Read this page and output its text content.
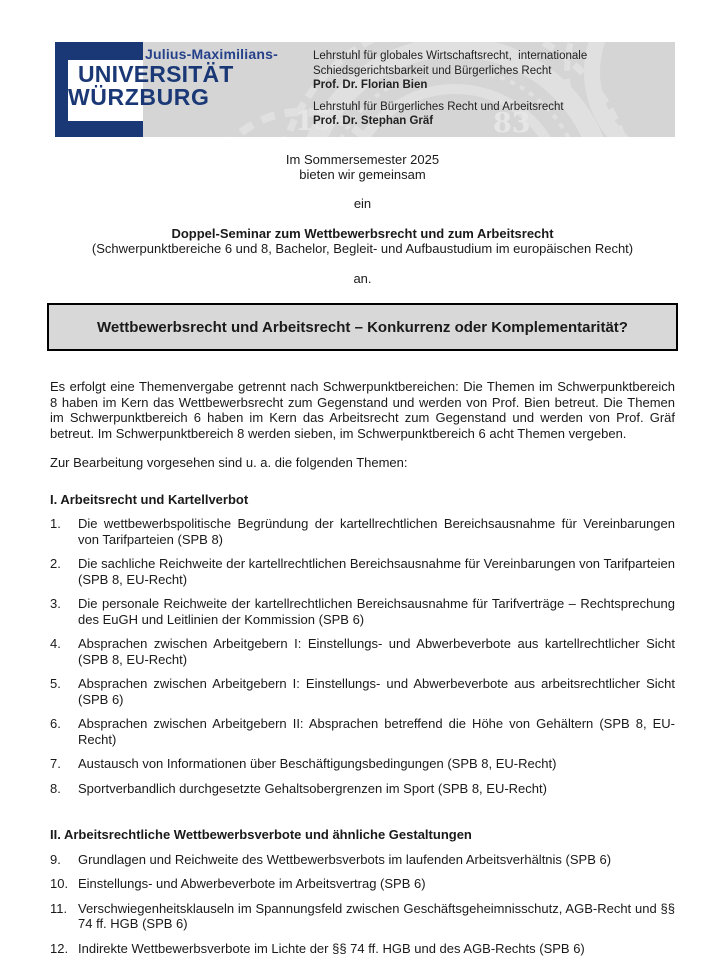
15	83
Julius-Maximilians-
UNIVERSITÄT
WÜRZBURG
Lehrstuhl für globales Wirtschaftsrecht,  internationale
Schiedsgerichtsbarkeit und Bürgerliches Recht
Prof. Dr. Florian Bien
Lehrstuhl für Bürgerliches Recht und Arbeitsrecht
Prof. Dr. Stephan Gräf
Im Sommersemester 2025
bieten wir gemeinsam
ein
Doppel-Seminar zum Wettbewerbsrecht und zum Arbeitsrecht
(Schwerpunktbereiche 6 und 8, Bachelor, Begleit- und Aufbaustudium im europäischen Recht)
an.
Wettbewerbsrecht und Arbeitsrecht – Konkurrenz oder Komplementarität?

Es erfolgt eine Themenvergabe getrennt nach Schwerpunktbereichen: Die Themen im Schwerpunktbereich 8 haben im Kern das Wettbewerbsrecht zum Gegenstand und werden von Prof. Bien betreut. Die Themen im Schwerpunktbereich 6 haben im Kern das Arbeitsrecht zum Gegenstand und werden von Prof. Gräf betreut. Im Schwerpunktbereich 8 werden sieben, im Schwerpunktbereich 6 acht Themen vergeben.

Zur Bearbeitung vorgesehen sind u. a. die folgenden Themen:
I. Arbeitsrecht und Kartellverbot
1.	Die wettbewerbspolitische Begründung der kartellrechtlichen Bereichsausnahme für Vereinbarungen von Tarifparteien (SPB 8)
2.	Die sachliche Reichweite der kartellrechtlichen Bereichsausnahme für Vereinbarungen von Tarifparteien (SPB 8, EU-Recht)
3.	Die personale Reichweite der kartellrechtlichen Bereichsausnahme für Tarifverträge – Rechtsprechung des EuGH und Leitlinien der Kommission (SPB 6)
4.	Absprachen zwischen Arbeitgebern I: Einstellungs- und Abwerbeverbote aus kartellrechtlicher Sicht (SPB 8, EU-Recht)
5.	Absprachen zwischen Arbeitgebern I: Einstellungs- und Abwerbeverbote aus arbeitsrechtlicher Sicht (SPB 6)
6.	Absprachen zwischen Arbeitgebern II: Absprachen betreffend die Höhe von Gehältern (SPB 8, EU-Recht)
7.	Austausch von Informationen über Beschäftigungsbedingungen (SPB 8, EU-Recht)
8.	Sportverbandlich durchgesetzte Gehaltsobergrenzen im Sport (SPB 8, EU-Recht)
II. Arbeitsrechtliche Wettbewerbsverbote und ähnliche Gestaltungen
9.	Grundlagen und Reichweite des Wettbewerbsverbots im laufenden Arbeitsverhältnis (SPB 6)
10. Einstellungs- und Abwerbeverbote im Arbeitsvertrag (SPB 6)
11. Verschwiegenheitsklauseln im Spannungsfeld zwischen Geschäftsgeheimnisschutz, AGB-Recht und §§ 74 ff. HGB (SPB 6)
12. Indirekte Wettbewerbsverbote im Lichte der §§ 74 ff. HGB und des AGB-Rechts (SPB 6)
